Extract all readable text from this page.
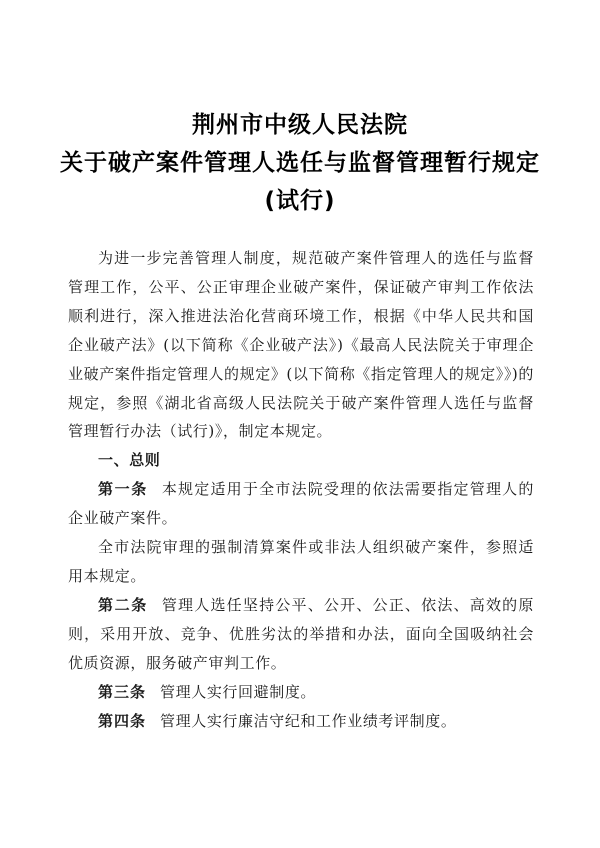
荆州市中级人民法院
关于破产案件管理人选任与监督管理暂行规定
(试行)

为进一步完善管理人制度，规范破产案件管理人的选任与监督管理工作，公平、公正审理企业破产案件，保证破产审判工作依法顺利进行，深入推进法治化营商环境工作，根据《中华人民共和国企业破产法》(以下简称《企业破产法》)《最高人民法院关于审理企业破产案件指定管理人的规定》(以下简称《指定管理人的规定》》)的规定，参照《湖北省高级人民法院关于破产案件管理人选任与监督管理暂行办法（试行)》，制定本规定。

一、总则

第一条 本规定适用于全市法院受理的依法需要指定管理人的企业破产案件。

全市法院审理的强制清算案件或非法人组织破产案件，参照适用本规定。

第二条 管理人选任坚持公平、公开、公正、依法、高效的原则，采用开放、竞争、优胜劣汰的举措和办法，面向全国吸纳社会优质资源，服务破产审判工作。

第三条 管理人实行回避制度。

第四条 管理人实行廉洁守纪和工作业绩考评制度。
